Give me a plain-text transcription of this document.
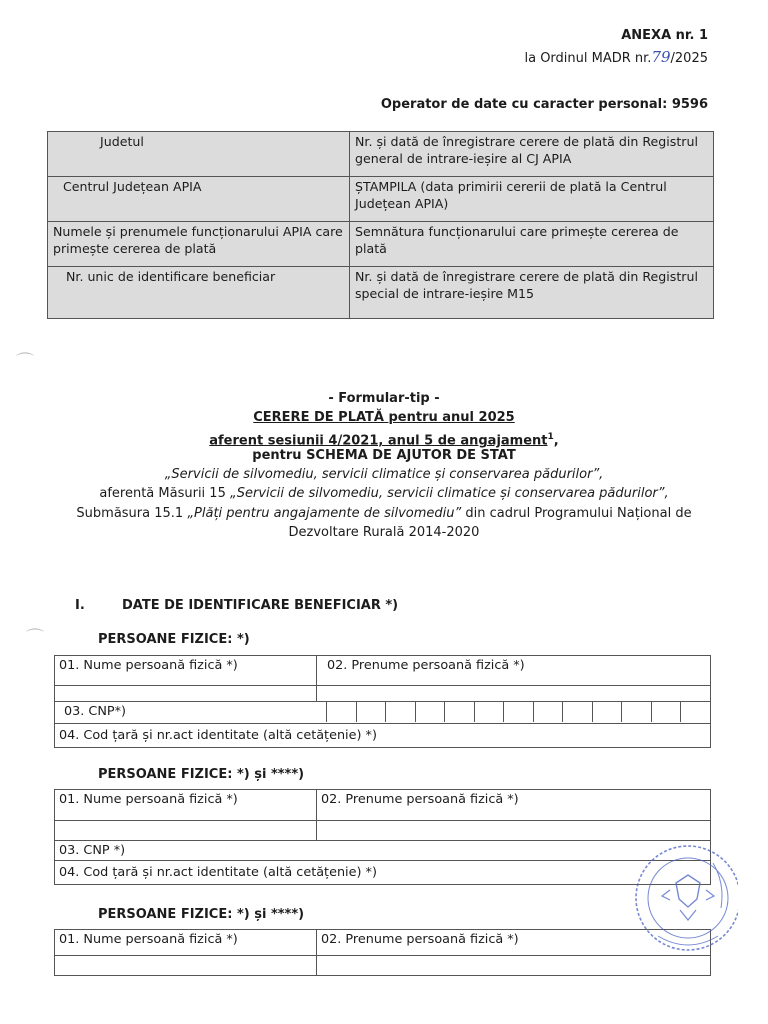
ANEXA nr. 1
la Ordinul MADR nr.79/2025
Operator de date cu caracter personal: 9596
Judetul	Nr. și dată de înregistrare cerere de plată din Registrul general de intrare-ieșire al CJ APIA
Centrul Județean APIA	ȘTAMPILA (data primirii cererii de plată la Centrul Județean APIA)
Numele și prenumele funcționarului APIA care primește cererea de plată	Semnătura funcționarului care primește cererea de plată
Nr. unic de identificare beneficiar	Nr. și dată de înregistrare cerere de plată din Registrul special de intrare-ieșire M15
⌒
- Formular-tip -
CERERE DE PLATĂ pentru anul 2025
aferent sesiunii 4/2021, anul 5 de angajament$^1$,
pentru SCHEMA DE AJUTOR DE STAT
„Servicii de silvomediu, servicii climatice și conservarea pădurilor”,
aferentă Măsurii 15 „Servicii de silvomediu, servicii climatice și conservarea pădurilor”,
Submăsura 15.1 „Plăți pentru angajamente de silvomediu” din cadrul Programului Național de
Dezvoltare Rurală 2014-2020
I.	DATE DE IDENTIFICARE BENEFICIAR *)
⌒	PERSOANE FIZICE: *)
01. Nume persoană fizică *)	02. Prenume persoană fizică *)

03. CNP*)	

04. Cod țară și nr.act identitate (altă cetățenie) *)	
PERSOANE FIZICE: *) și ****)
01. Nume persoană fizică *)	02. Prenume persoană fizică *)

03. CNP *)	
04. Cod țară și nr.act identitate (altă cetățenie) *)	
PERSOANE FIZICE: *) și ****)
01. Nume persoană fizică *)	02. Prenume persoană fizică *)
